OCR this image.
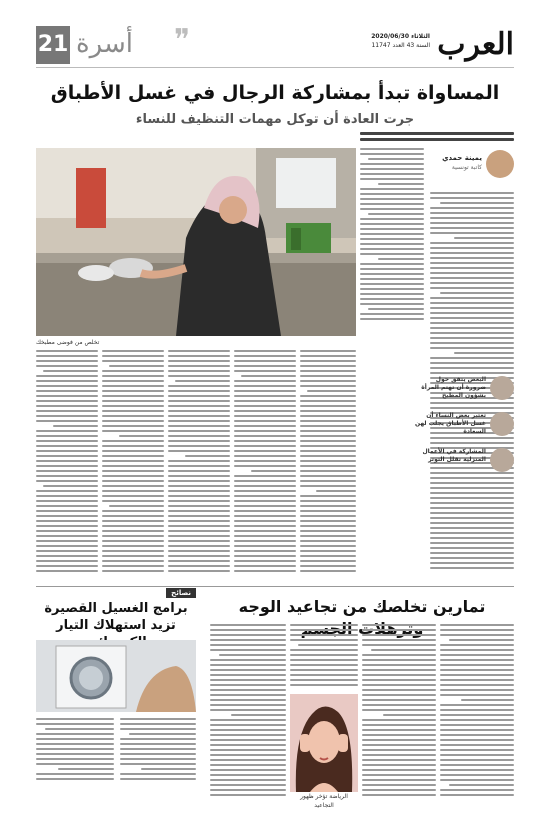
العرب
الثلاثاء 2020/06/30
السنة 43 العدد 11747
21 أسرة ❞
المساواة تبدأ بمشاركة الرجال في غسل الأطباق
جرت العادة أن توكل مهمات التنظيف للنساء
يمينة حمدي
كاتبة تونسية
تخلص من فوضى مطبخك
البعض يتفق حول ضرورة أن تهتم المرأة بشؤون المطبخ
تعتبر بعض النساء أن غسل الأطباق يجلب لهن السعادة
المشاركة في الأعمال المنزلية تقلل التوتر
تمارين تخلصك من تجاعيد الوجه
الرياضة تؤخر ظهور التجاعيد
نصائح
برامج الغسيل القصيرة تزيد استهلاك التيار
